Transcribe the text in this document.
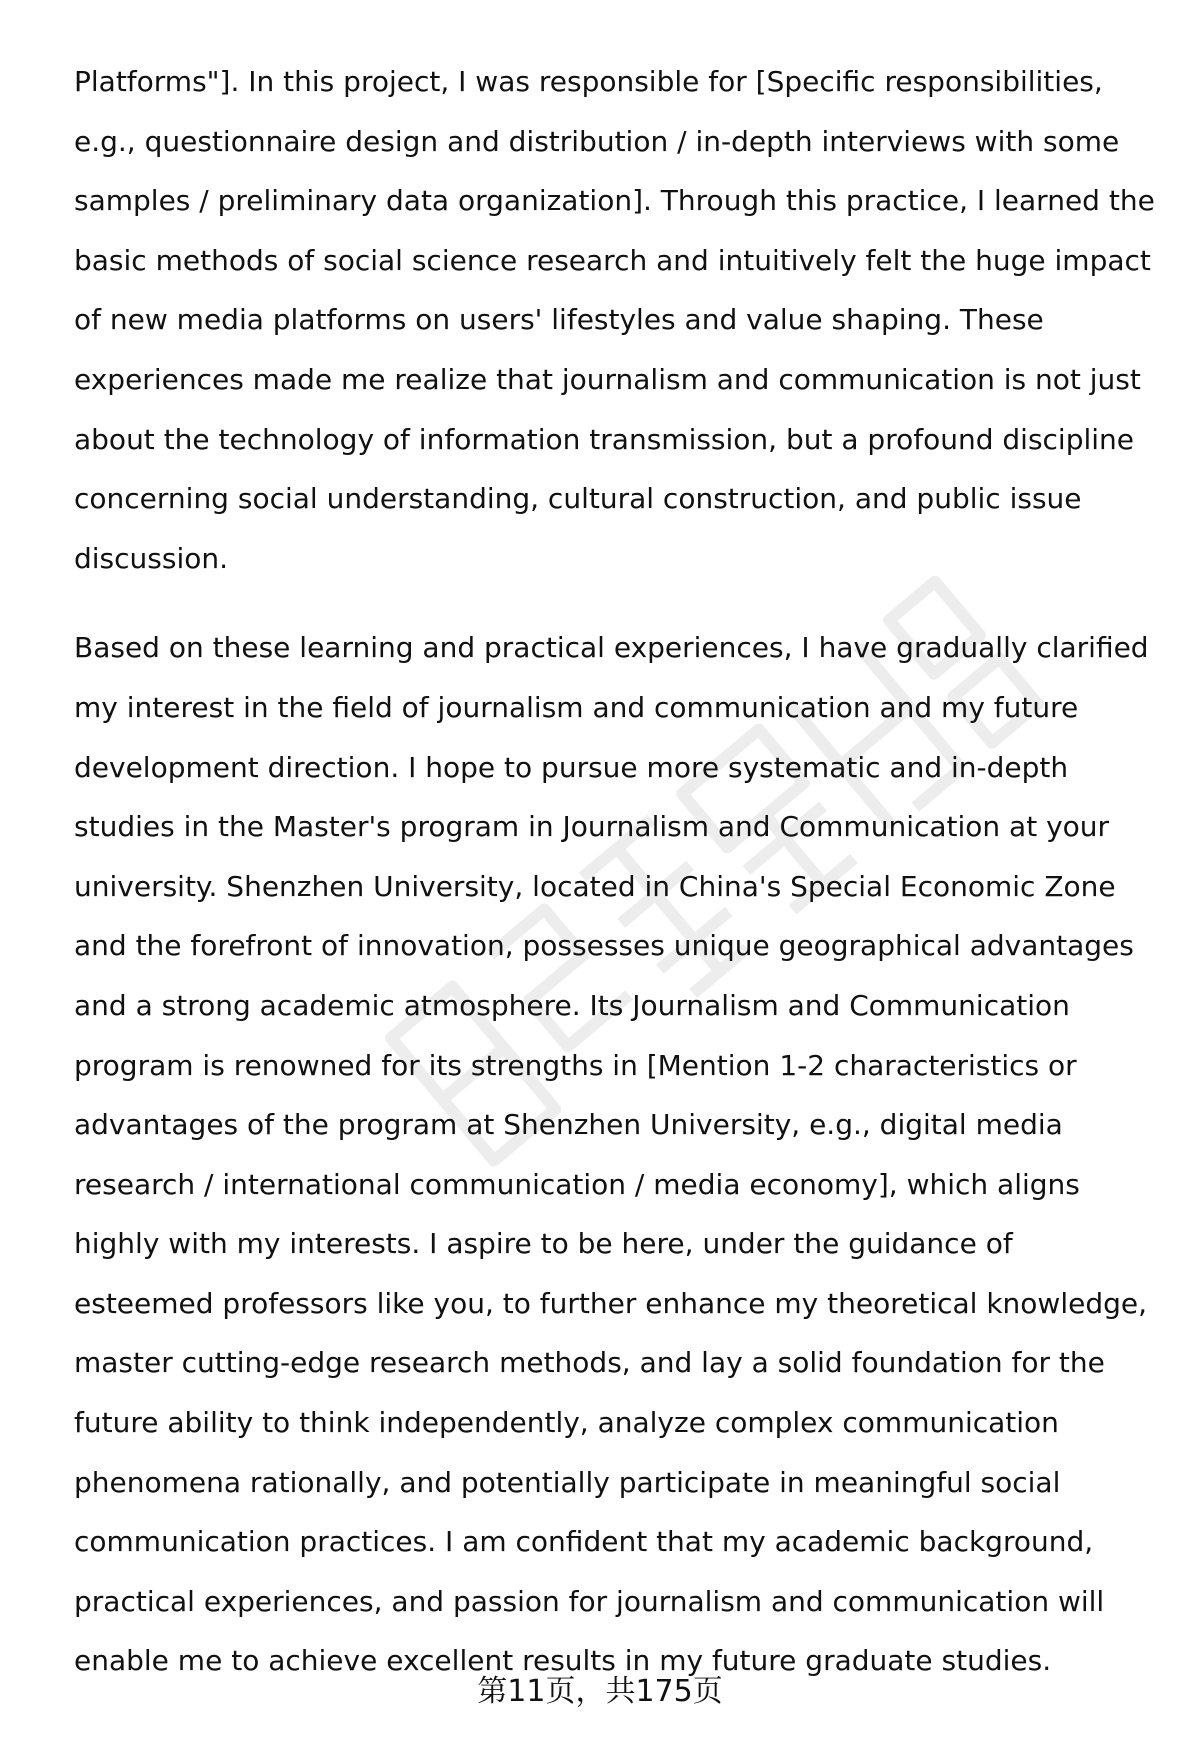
Platforms"]. In this project, I was responsible for [Specific responsibilities, e.g., questionnaire design and distribution / in-depth interviews with some samples / preliminary data organization]. Through this practice, I learned the basic methods of social science research and intuitively felt the huge impact of new media platforms on users' lifestyles and value shaping. These experiences made me realize that journalism and communication is not just about the technology of information transmission, but a profound discipline concerning social understanding, cultural construction, and public issue discussion.

Based on these learning and practical experiences, I have gradually clarified my interest in the field of journalism and communication and my future development direction. I hope to pursue more systematic and in-depth studies in the Master's program in Journalism and Communication at your university. Shenzhen University, located in China's Special Economic Zone and the forefront of innovation, possesses unique geographical advantages and a strong academic atmosphere. Its Journalism and Communication program is renowned for its strengths in [Mention 1-2 characteristics or advantages of the program at Shenzhen University, e.g., digital media research / international communication / media economy], which aligns highly with my interests. I aspire to be here, under the guidance of esteemed professors like you, to further enhance my theoretical knowledge, master cutting-edge research methods, and lay a solid foundation for the future ability to think independently, analyze complex communication phenomena rationally, and potentially participate in meaningful social communication practices. I am confident that my academic background, practical experiences, and passion for journalism and communication will enable me to achieve excellent results in my future graduate studies.

第11页，共175页
